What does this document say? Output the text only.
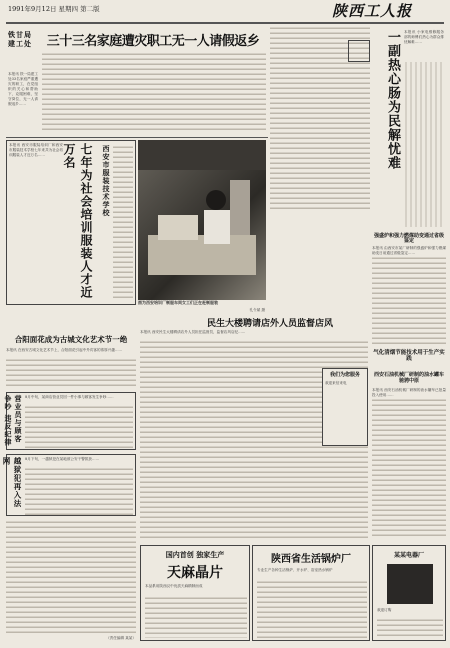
1991年9月12日 星期四 第二版	陕西工人报
铁甘局建工处	三十三名家庭遭灾职工无一人请假返乡
本报讯 铁一局建工处33名家庭严重遭灾的职工，在党组织的关心和帮助下，克服困难，坚守岗位，无一人请假返乡……
七年为社会培训服装人才近万名	西安市服装技术学校
本报讯 西安市服装培训厂和西安市服装技术学校七年来共为社会培训服装人才近万名……
图为西安培训厂制服车间女工们正在赶制服装
孔令斌 摄
一副热心肠为民解忧难	本报讯 小家电维修服务部的师傅们热心为群众排忧解难……
民生大楼聘请店外人员监督店风
本报讯 西安民生大楼聘请店外人员担任监督员，监督店风店纪……
我们为您服务
欢迎来信来电
合阳面花成为古城文化艺术节一绝
本报讯 在西安古城文化艺术节上，合阳面花引起中外宾客的浓厚兴趣……
营业员与顾客争吵 违反纪律	8月中旬，某商店营业员因一件小事与顾客发生争吵……
越狱犯再入法网	8月下旬，一越狱犯在某地被公安干警抓获……
（责任编辑 某某）
强盛炉和强力燃煤助变通过省级鉴定
本报讯 由西安市某厂研制的强盛炉和强力燃煤助变日前通过省级鉴定……
气化清烟节能技术用于生产实践
西安石油机械厂研制的油水罐车驰骋中原
本报讯 西安石油机械厂研制的油水罐车已批量投入使用……
国内首创 独家生产
天麻晶片
本品系用陕西汉中优质天麻精制而成
陕西省生活锅炉厂
专业生产各种生活锅炉、开水炉、浴室热水锅炉
某某电器厂
欢迎订购
